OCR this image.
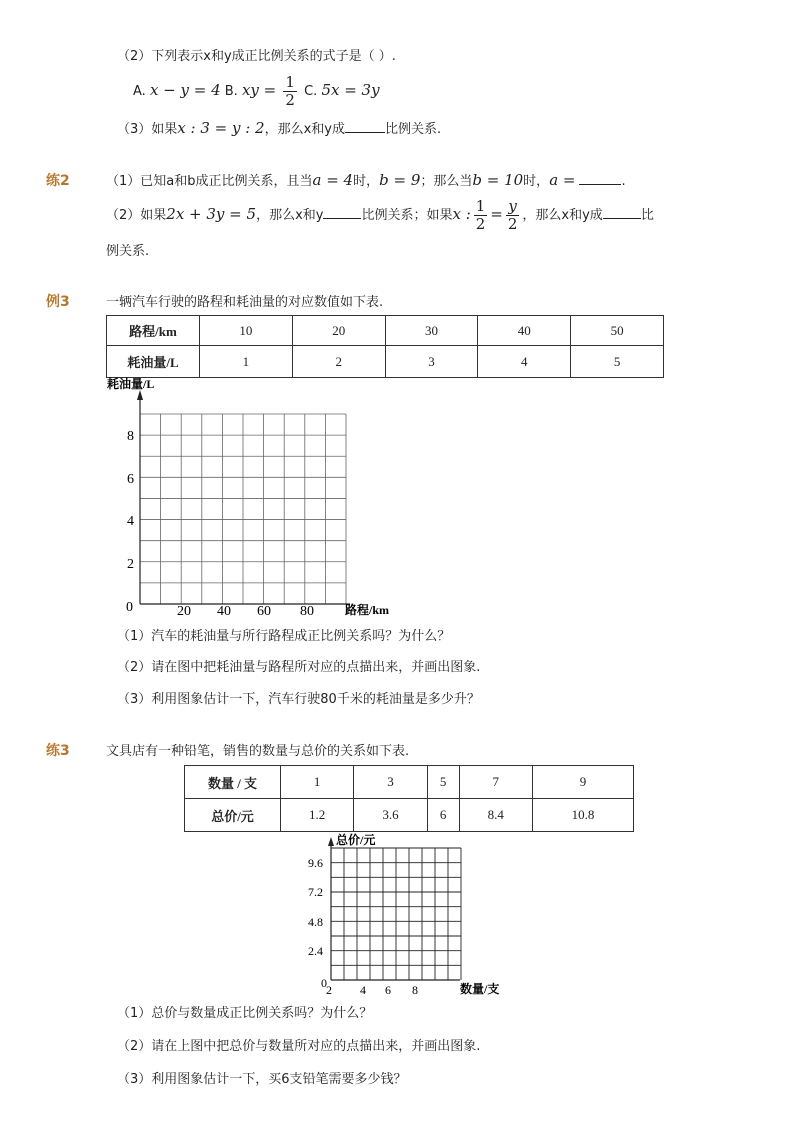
（2）下列表示x和y成正比例关系的式子是（ ）.
A. x − y = 4 B. xy = $\frac{1}{2} C$. 5x = 3y
（3）如果x : 3 = y : 2，那么x和y成	比例关系.
练2	（1）已知a和b成正比例关系，且当a = 4时，b = 9；那么当b = 10时，a =	.
（2）如果2x + 3y = 5，那么x和y	比例关系；如果x : $\frac{1}{2} = \frac{y}{2}$ ，那么x和y成	比
例关系.
例3	一辆汽车行驶的路程和耗油量的对应数值如下表.
路程/km	10	20	30	40	50
耗油量/L	1	2	3	4	5
耗油量/L
路程/km
0	20 40 60 80
2
4
6
8
（1）汽车的耗油量与所行路程成正比例关系吗？为什么？
（2）请在图中把耗油量与路程所对应的点描出来，并画出图象.
（3）利用图象估计一下，汽车行驶80千米的耗油量是多少升？
练3	文具店有一种铅笔，销售的数量与总价的关系如下表.
数量 / 支	1	3	5	7	9
总价/元	1.2	3.6	6	8.4	10.8
总价/元
数量/支
0 2 4 6 8
2.4
4.8
7.2
9.6
（1）总价与数量成正比例关系吗？为什么？
（2）请在上图中把总价与数量所对应的点描出来，并画出图象.
（3）利用图象估计一下，买6支铅笔需要多少钱？
